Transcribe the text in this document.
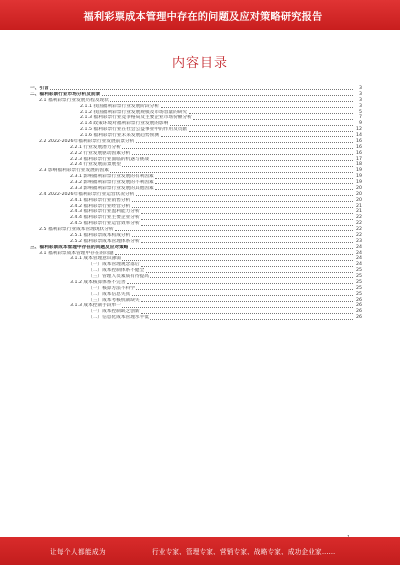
福利彩票成本管理中存在的问题及应对策略研究报告
内容目录
一、引言	3
二、福利彩票行业市场分析及前景	3
2.1 福利彩票行业发展历程及现状	3
2.1.1 我国福利彩票行业发展阶段分析	3
2.1.2 我国福利彩票行业发展规模及市场容量的研究	5
2.1.3 福利彩票行业竞争格局及主要企业市场份额分析	7
2.1.4 政策环境对福利彩票行业发展的影响	9
2.1.5 福利彩票行业在社会公益事业中的作用及贡献	12
2.1.6 福利彩票行业未来发展趋势预测	14
2.2 2022-2026年福利彩票行业发展前景分析	16
2.2.1 行业发展潜力分析	16
2.2.2 行业发展驱动因素分析	16
2.2.3 福利彩票行业面临的机遇与挑战	17
2.2.4 行业发展前景展望	18
2.3 影响福利彩票行业发展的因素	19
2.3.1 影响福利彩票行业发展的有利因素	19
2.3.2 影响福利彩票行业发展的不利因素	19
2.3.3 影响福利彩票行业发展的其他因素	20
2.4 2022-2026年福利彩票行业运营状况分析	20
2.4.1 福利彩票行业销售分析	20
2.4.2 福利彩票行业经营分析	21
2.4.3 福利彩票行业盈利能力分析	21
2.4.4 福利彩票行业主要企业分析	22
2.4.5 福利彩票行业运营效率分析	22
2.5 福利彩票行业成本管理现状分析	22
2.5.1 福利彩票成本构成分析	22
2.5.2 福利彩票成本管理体系分析	23
三、福利彩票成本管理中存在的问题及应对策略	24
3.1 福利彩票成本管理中存在的问题	24
3.1.1 成本管理意识薄弱	24
（一）成本管理观念落后	24
（二）成本控制体系不健全	25
（三）管理人员素质有待提高	25
3.1.2 成本核算体系不完善	25
（一）核算方法不科学	25
（二）成本信息失真	25
（三）成本考核机制缺失	26
3.1.3 成本控制手段单一	26
（一）成本控制缺乏创新	26
（二）信息化成本管理水平低	26
让每个人都能成为	行业专家、管理专家、营销专家、战略专家、成功企业家……
